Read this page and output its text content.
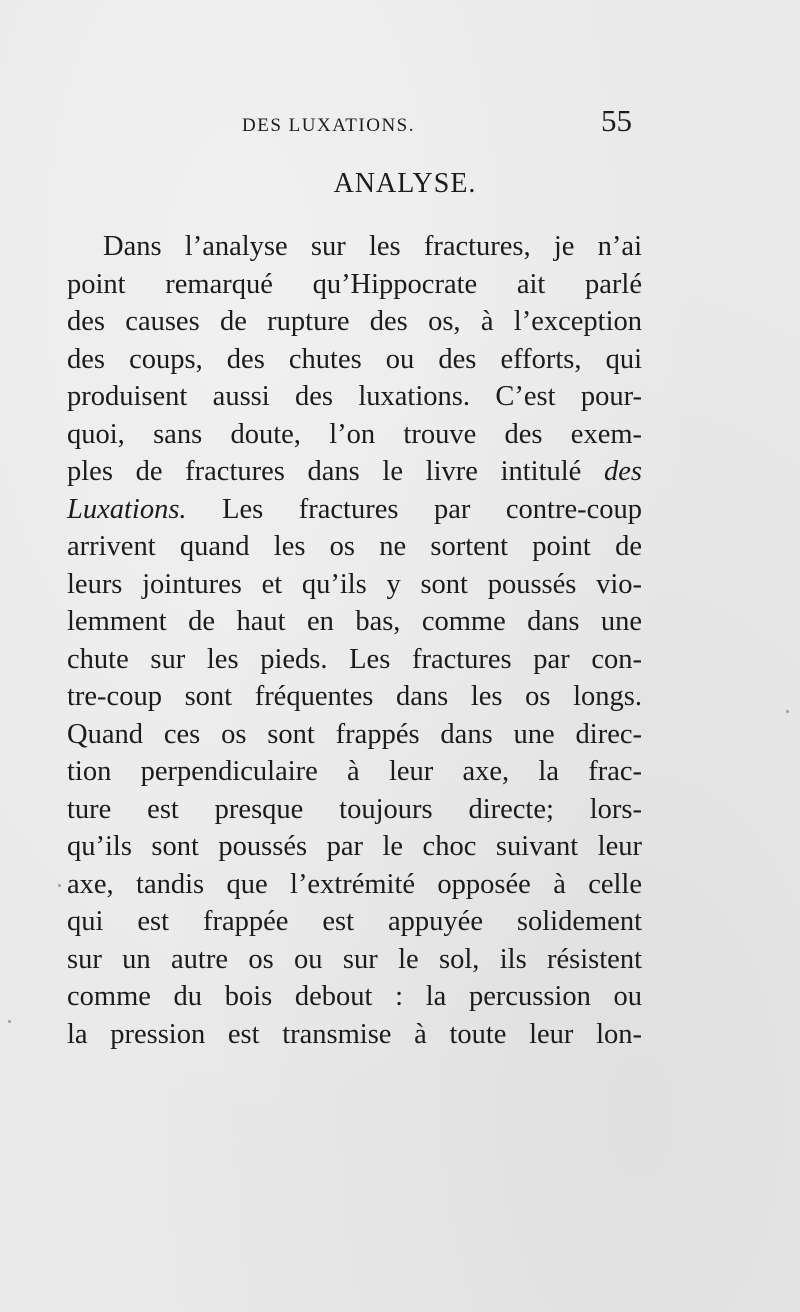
DES LUXATIONS.	55
ANALYSE.
Dans l’analyse sur les fractures, je n’ai
point remarqué qu’Hippocrate ait parlé
des causes de rupture des os, à l’exception
des coups, des chutes ou des efforts, qui
produisent aussi des luxations. C’est pour-
quoi, sans doute, l’on trouve des exem-
ples de fractures dans le livre intitulé des
Luxations. Les fractures par contre-coup
arrivent quand les os ne sortent point de
leurs jointures et qu’ils y sont poussés vio-
lemment de haut en bas, comme dans une
chute sur les pieds. Les fractures par con-
tre-coup sont fréquentes dans les os longs.
Quand ces os sont frappés dans une direc-
tion perpendiculaire à leur axe, la frac-
ture est presque toujours directe; lors-
qu’ils sont poussés par le choc suivant leur
axe, tandis que l’extrémité opposée à celle
qui est frappée est appuyée solidement
sur un autre os ou sur le sol, ils résistent
comme du bois debout : la percussion ou
la pression est transmise à toute leur lon-
